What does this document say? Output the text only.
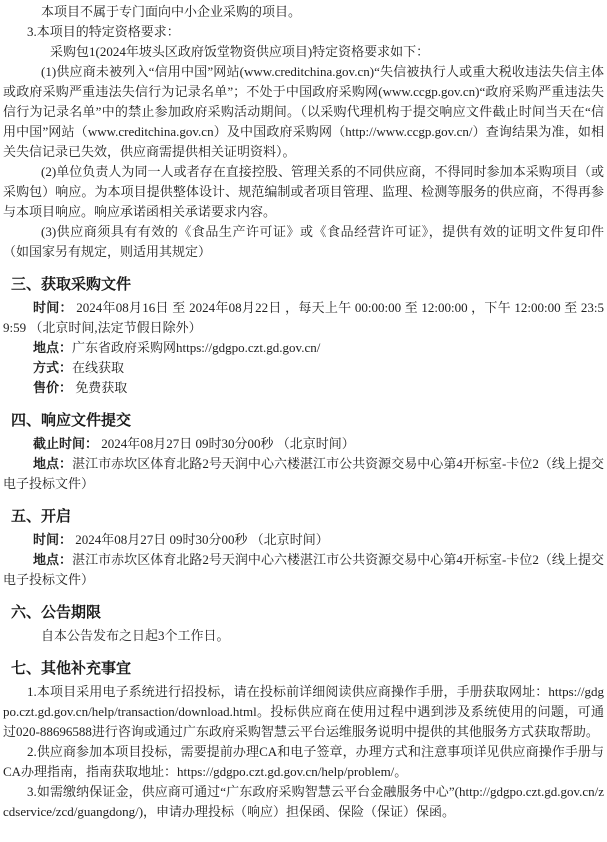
本项目不属于专门面向中小企业采购的项目。

3.本项目的特定资格要求：

采购包1(2024年坡头区政府饭堂物资供应项目)特定资格要求如下：

(1)供应商未被列入“信用中国”网站(www.creditchina.gov.cn)“失信被执行人或重大税收违法失信主体或政府采购严重违法失信行为记录名单”；不处于中国政府采购网(www.ccgp.gov.cn)“政府采购严重违法失信行为记录名单”中的禁止参加政府采购活动期间。（以采购代理机构于提交响应文件截止时间当天在“信用中国”网站（www.creditchina.gov.cn）及中国政府采购网（http://www.ccgp.gov.cn/）查询结果为准，如相关失信记录已失效，供应商需提供相关证明资料）。

(2)单位负责人为同一人或者存在直接控股、管理关系的不同供应商，不得同时参加本采购项目（或采购包）响应。为本项目提供整体设计、规范编制或者项目管理、监理、检测等服务的供应商，不得再参与本项目响应。响应承诺函相关承诺要求内容。

(3)供应商须具有有效的《食品生产许可证》或《食品经营许可证》，提供有效的证明文件复印件（如国家另有规定，则适用其规定）

三、获取采购文件

时间： 2024年08月16日 至 2024年08月22日 ，每天上午 00:00:00 至 12:00:00 ，下午 12:00:00 至 23:59:59 （北京时间,法定节假日除外）

地点：广东省政府采购网https://gdgpo.czt.gd.gov.cn/

方式：在线获取

售价： 免费获取

四、响应文件提交

截止时间： 2024年08月27日 09时30分00秒 （北京时间）

地点：湛江市赤坎区体育北路2号天润中心六楼湛江市公共资源交易中心第4开标室-卡位2（线上提交电子投标文件）

五、开启

时间： 2024年08月27日 09时30分00秒 （北京时间）

地点：湛江市赤坎区体育北路2号天润中心六楼湛江市公共资源交易中心第4开标室-卡位2（线上提交电子投标文件）

六、公告期限

自本公告发布之日起3个工作日。

七、其他补充事宜

1.本项目采用电子系统进行招投标，请在投标前详细阅读供应商操作手册，手册获取网址：https://gdgpo.czt.gd.gov.cn/help/transaction/download.html。投标供应商在使用过程中遇到涉及系统使用的问题，可通过020-88696588进行咨询或通过广东政府采购智慧云平台运维服务说明中提供的其他服务方式获取帮助。

2.供应商参加本项目投标，需要提前办理CA和电子签章，办理方式和注意事项详见供应商操作手册与CA办理指南，指南获取地址：https://gdgpo.czt.gd.gov.cn/help/problem/。

3.如需缴纳保证金，供应商可通过“广东政府采购智慧云平台金融服务中心”(http://gdgpo.czt.gd.gov.cn/zcdservice/zcd/guangdong/)，申请办理投标（响应）担保函、保险（保证）保函。
